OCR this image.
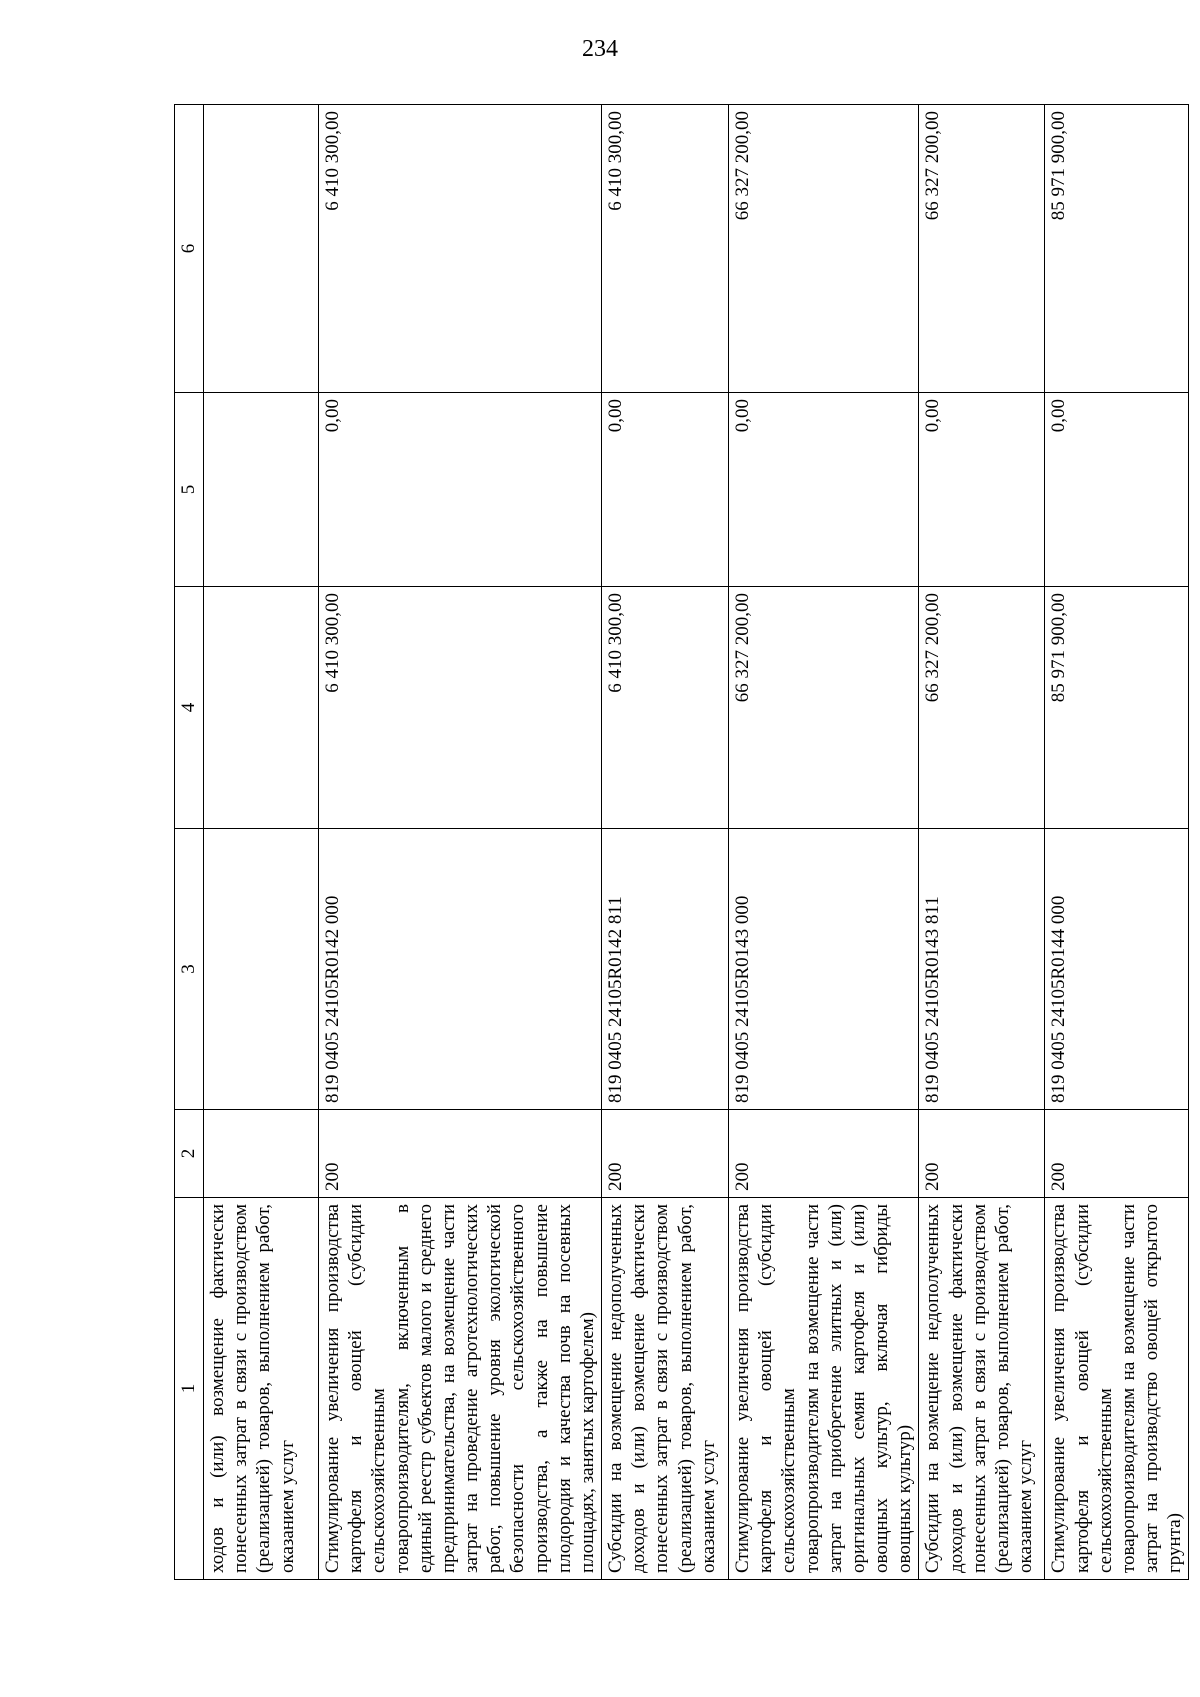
234
1	2	3	4	5	6
ходов и (или) возмещение фактически понесенных затрат в связи с производством (реализацией) товаров, выполнением работ, оказанием услуг					
Стимулирование увеличения производства картофеля и овощей (субсидии сельскохозяйственным товаропроизводителям, включенным в единый реестр субъектов малого и среднего предпринимательства, на возмещение части затрат на проведение агротехнологических работ, повышение уровня экологической безопасности сельскохозяйственного производства, а также на повышение плодородия и качества почв на посевных площадях, занятых картофелем)	200	819 0405 24105R0142 000	6 410 300,00	0,00	6 410 300,00
Субсидии на возмещение недополученных доходов и (или) возмещение фактически понесенных затрат в связи с производством (реализацией) товаров, выполнением работ, оказанием услуг	200	819 0405 24105R0142 811	6 410 300,00	0,00	6 410 300,00
Стимулирование увеличения производства картофеля и овощей (субсидии сельскохозяйственным товаропроизводителям на возмещение части затрат на приобретение элитных и (или) оригинальных семян картофеля и (или) овощных культур, включая гибриды овощных культур)	200	819 0405 24105R0143 000	66 327 200,00	0,00	66 327 200,00
Субсидии на возмещение недополученных доходов и (или) возмещение фактически понесенных затрат в связи с производством (реализацией) товаров, выполнением работ, оказанием услуг	200	819 0405 24105R0143 811	66 327 200,00	0,00	66 327 200,00
Стимулирование увеличения производства картофеля и овощей (субсидии сельскохозяйственным товаропроизводителям на возмещение части затрат на производство овощей открытого грунта)	200	819 0405 24105R0144 000	85 971 900,00	0,00	85 971 900,00
